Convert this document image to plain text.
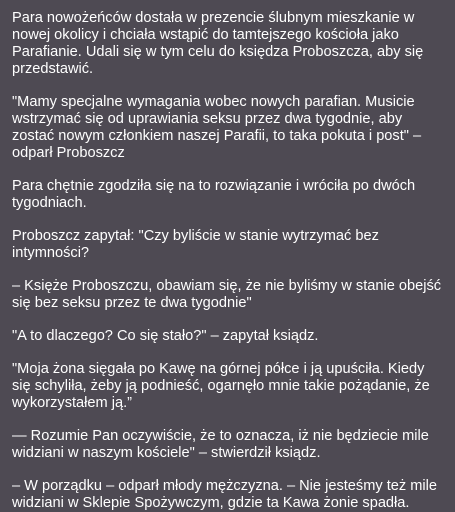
Para nowożeńców dostała w prezencie ślubnym mieszkanie w nowej okolicy i chciała wstąpić do tamtejszego kościoła jako Parafianie. Udali się w tym celu do księdza Proboszcza, aby się przedstawić.

"Mamy specjalne wymagania wobec nowych parafian. Musicie wstrzymać się od uprawiania seksu przez dwa tygodnie, aby zostać nowym członkiem naszej Parafii, to taka pokuta i post" – odparł Proboszcz

Para chętnie zgodziła się na to rozwiązanie i wróciła po dwóch tygodniach.

Proboszcz zapytał: "Czy byliście w stanie wytrzymać bez intymności?

– Księże Proboszczu, obawiam się, że nie byliśmy w stanie obejść się bez seksu przez te dwa tygodnie"

"A to dlaczego? Co się stało?" – zapytał ksiądz.

"Moja żona sięgała po Kawę na górnej półce i ją upuściła. Kiedy się schyliła, żeby ją podnieść, ogarnęło mnie takie pożądanie, że wykorzystałem ją.”

— Rozumie Pan oczywiście, że to oznacza, iż nie będziecie mile widziani w naszym kościele" – stwierdził ksiądz.

– W porządku – odparł młody mężczyzna. – Nie jesteśmy też mile widziani w Sklepie Spożywczym, gdzie ta Kawa żonie spadła.
